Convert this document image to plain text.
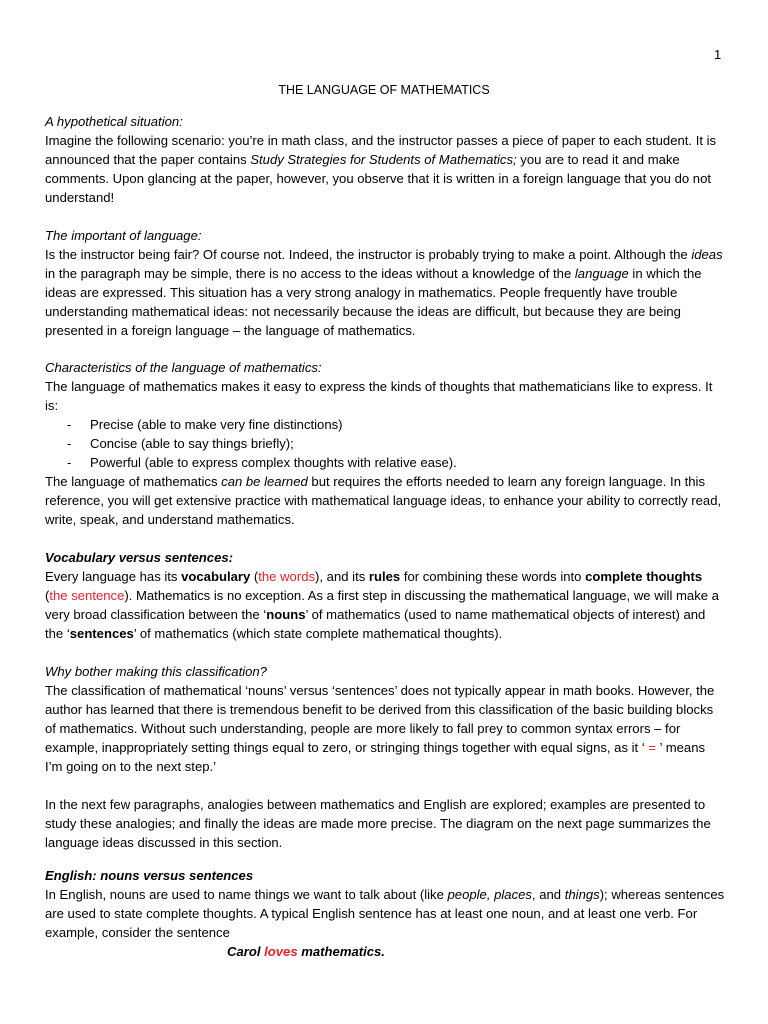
1
THE LANGUAGE OF MATHEMATICS

A hypothetical situation:

Imagine the following scenario: you’re in math class, and the instructor passes a piece of paper to each student. It is announced that the paper contains Study Strategies for Students of Mathematics; you are to read it and make comments. Upon glancing at the paper, however, you observe that it is written in a foreign language that you do not understand!

The important of language:

Is the instructor being fair? Of course not. Indeed, the instructor is probably trying to make a point. Although the ideas in the paragraph may be simple, there is no access to the ideas without a knowledge of the language in which the ideas are expressed. This situation has a very strong analogy in mathematics. People frequently have trouble understanding mathematical ideas: not necessarily because the ideas are difficult, but because they are being presented in a foreign language – the language of mathematics.

Characteristics of the language of mathematics:

The language of mathematics makes it easy to express the kinds of thoughts that mathematicians like to express. It is:

- Precise (able to make very fine distinctions)
- Concise (able to say things briefly);
- Powerful (able to express complex thoughts with relative ease).

The language of mathematics can be learned but requires the efforts needed to learn any foreign language. In this reference, you will get extensive practice with mathematical language ideas, to enhance your ability to correctly read, write, speak, and understand mathematics.

Vocabulary versus sentences:

Every language has its vocabulary (the words), and its rules for combining these words into complete thoughts (the sentence). Mathematics is no exception. As a first step in discussing the mathematical language, we will make a very broad classification between the ‘nouns’ of mathematics (used to name mathematical objects of interest) and the ‘sentences’ of mathematics (which state complete mathematical thoughts).

Why bother making this classification?

The classification of mathematical ‘nouns’ versus ‘sentences’ does not typically appear in math books. However, the author has learned that there is tremendous benefit to be derived from this classification of the basic building blocks of mathematics. Without such understanding, people are more likely to fall prey to common syntax errors – for example, inappropriately setting things equal to zero, or stringing things together with equal signs, as it ‘ = ’ means I’m going on to the next step.’

In the next few paragraphs, analogies between mathematics and English are explored; examples are presented to study these analogies; and finally the ideas are made more precise. The diagram on the next page summarizes the language ideas discussed in this section.

English: nouns versus sentences

In English, nouns are used to name things we want to talk about (like people, places, and things); whereas sentences are used to state complete thoughts. A typical English sentence has at least one noun, and at least one verb. For example, consider the sentence

Carol loves mathematics.
